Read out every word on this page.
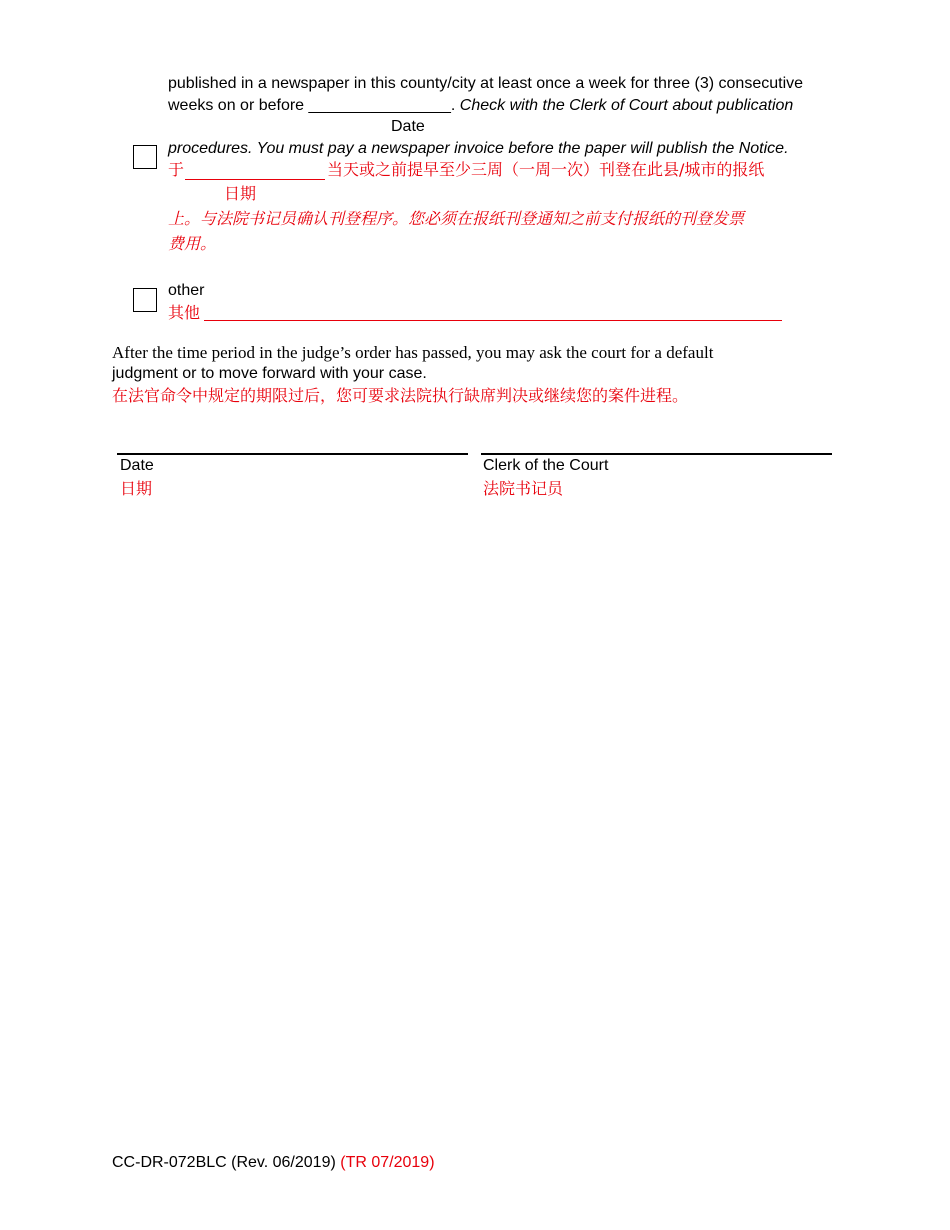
published in a newspaper in this county/city at least once a week for three (3) consecutive
weeks on or before ________________. Check with the Clerk of Court about publication
Date
procedures. You must pay a newspaper invoice before the paper will publish the Notice.
于	当天或之前提早至少三周（一周一次）刊登在此县/城市的报纸
日期
上。与法院书记员确认刊登程序。您必须在报纸刊登通知之前支付报纸的刊登发票
费用。
other
其他
After the time period in the judge’s order has passed, you may ask the court for a default
judgment or to move forward with your case.
在法官命令中规定的期限过后，您可要求法院执行缺席判决或继续您的案件进程。
Date
日期
Clerk of the Court
法院书记员
CC-DR-072BLC (Rev. 06/2019) (TR 07/2019)
